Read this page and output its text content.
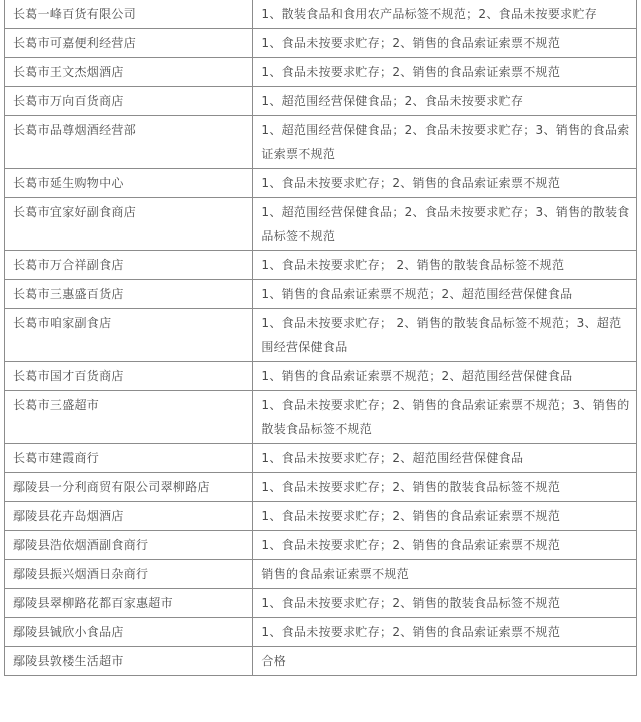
长葛一峰百货有限公司	1、散装食品和食用农产品标签不规范；2、食品未按要求贮存
长葛市可嘉便利经营店	1、食品未按要求贮存；2、销售的食品索证索票不规范
长葛市王文杰烟酒店	1、食品未按要求贮存；2、销售的食品索证索票不规范
长葛市万向百货商店	1、超范围经营保健食品；2、食品未按要求贮存
长葛市品尊烟酒经营部	1、超范围经营保健食品；2、食品未按要求贮存；3、销售的食品索证索票不规范
长葛市延生购物中心	1、食品未按要求贮存；2、销售的食品索证索票不规范
长葛市宜家好副食商店	1、超范围经营保健食品；2、食品未按要求贮存；3、销售的散装食品标签不规范
长葛市万合祥副食店	1、食品未按要求贮存； 2、销售的散装食品标签不规范
长葛市三惠盛百货店	1、销售的食品索证索票不规范；2、超范围经营保健食品
长葛市咱家副食店	1、食品未按要求贮存； 2、销售的散装食品标签不规范；3、超范围经营保健食品
长葛市国才百货商店	1、销售的食品索证索票不规范；2、超范围经营保健食品
长葛市三盛超市	1、食品未按要求贮存；2、销售的食品索证索票不规范；3、销售的散装食品标签不规范
长葛市建霞商行	1、食品未按要求贮存；2、超范围经营保健食品
鄢陵县一分利商贸有限公司翠柳路店	1、食品未按要求贮存；2、销售的散装食品标签不规范
鄢陵县花卉岛烟酒店	1、食品未按要求贮存；2、销售的食品索证索票不规范
鄢陵县浩依烟酒副食商行	1、食品未按要求贮存；2、销售的食品索证索票不规范
鄢陵县振兴烟酒日杂商行	销售的食品索证索票不规范
鄢陵县翠柳路花都百家惠超市	1、食品未按要求贮存；2、销售的散装食品标签不规范
鄢陵县铖欣小食品店	1、食品未按要求贮存；2、销售的食品索证索票不规范
鄢陵县敦楼生活超市	合格
